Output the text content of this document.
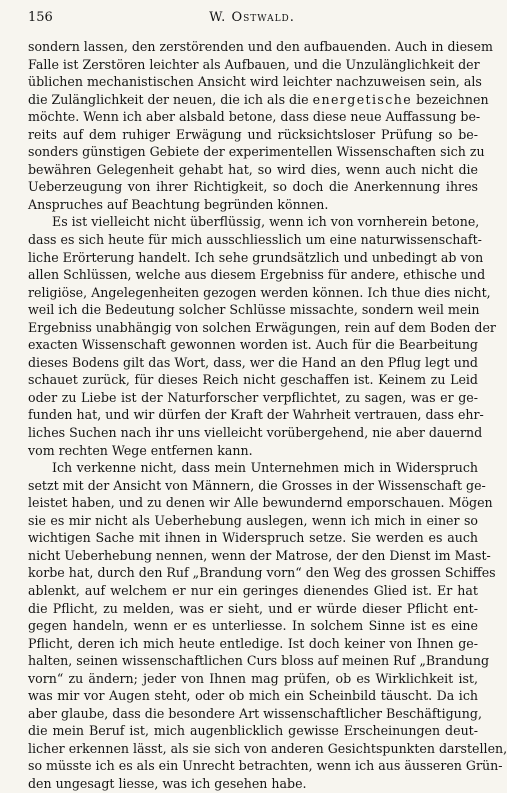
156	W. Ostwald.
sondern lassen, den zerstörenden und den aufbauenden. Auch in diesem
Falle ist Zerstören leichter als Aufbauen, und die Unzulänglichkeit der
üblichen mechanistischen Ansicht wird leichter nachzuweisen sein, als
die Zulänglichkeit der neuen, die ich als die energetische bezeichnen
möchte. Wenn ich aber alsbald betone, dass diese neue Auffassung be-
reits auf dem ruhiger Erwägung und rücksichtsloser Prüfung so be-
sonders günstigen Gebiete der experimentellen Wissenschaften sich zu
bewähren Gelegenheit gehabt hat, so wird dies, wenn auch nicht die
Ueberzeugung von ihrer Richtigkeit, so doch die Anerkennung ihres
Anspruches auf Beachtung begründen können.
Es ist vielleicht nicht überflüssig, wenn ich von vornherein betone,
dass es sich heute für mich ausschliesslich um eine naturwissenschaft-
liche Erörterung handelt. Ich sehe grundsätzlich und unbedingt ab von
allen Schlüssen, welche aus diesem Ergebniss für andere, ethische und
religiöse, Angelegenheiten gezogen werden können. Ich thue dies nicht,
weil ich die Bedeutung solcher Schlüsse missachte, sondern weil mein
Ergebniss unabhängig von solchen Erwägungen, rein auf dem Boden der
exacten Wissenschaft gewonnen worden ist. Auch für die Bearbeitung
dieses Bodens gilt das Wort, dass, wer die Hand an den Pflug legt und
schauet zurück, für dieses Reich nicht geschaffen ist. Keinem zu Leid
oder zu Liebe ist der Naturforscher verpflichtet, zu sagen, was er ge-
funden hat, und wir dürfen der Kraft der Wahrheit vertrauen, dass ehr-
liches Suchen nach ihr uns vielleicht vorübergehend, nie aber dauernd
vom rechten Wege entfernen kann.
Ich verkenne nicht, dass mein Unternehmen mich in Widerspruch
setzt mit der Ansicht von Männern, die Grosses in der Wissenschaft ge-
leistet haben, und zu denen wir Alle bewundernd emporschauen. Mögen
sie es mir nicht als Ueberhebung auslegen, wenn ich mich in einer so
wichtigen Sache mit ihnen in Widerspruch setze. Sie werden es auch
nicht Ueberhebung nennen, wenn der Matrose, der den Dienst im Mast-
korbe hat, durch den Ruf „Brandung vorn“ den Weg des grossen Schiffes
ablenkt, auf welchem er nur ein geringes dienendes Glied ist. Er hat
die Pflicht, zu melden, was er sieht, und er würde dieser Pflicht ent-
gegen handeln, wenn er es unterliesse. In solchem Sinne ist es eine
Pflicht, deren ich mich heute entledige. Ist doch keiner von Ihnen ge-
halten, seinen wissenschaftlichen Curs bloss auf meinen Ruf „Brandung
vorn“ zu ändern; jeder von Ihnen mag prüfen, ob es Wirklichkeit ist,
was mir vor Augen steht, oder ob mich ein Scheinbild täuscht. Da ich
aber glaube, dass die besondere Art wissenschaftlicher Beschäftigung,
die mein Beruf ist, mich augenblicklich gewisse Erscheinungen deut-
licher erkennen lässt, als sie sich von anderen Gesichtspunkten darstellen,
so müsste ich es als ein Unrecht betrachten, wenn ich aus äusseren Grün-
den ungesagt liesse, was ich gesehen habe.
